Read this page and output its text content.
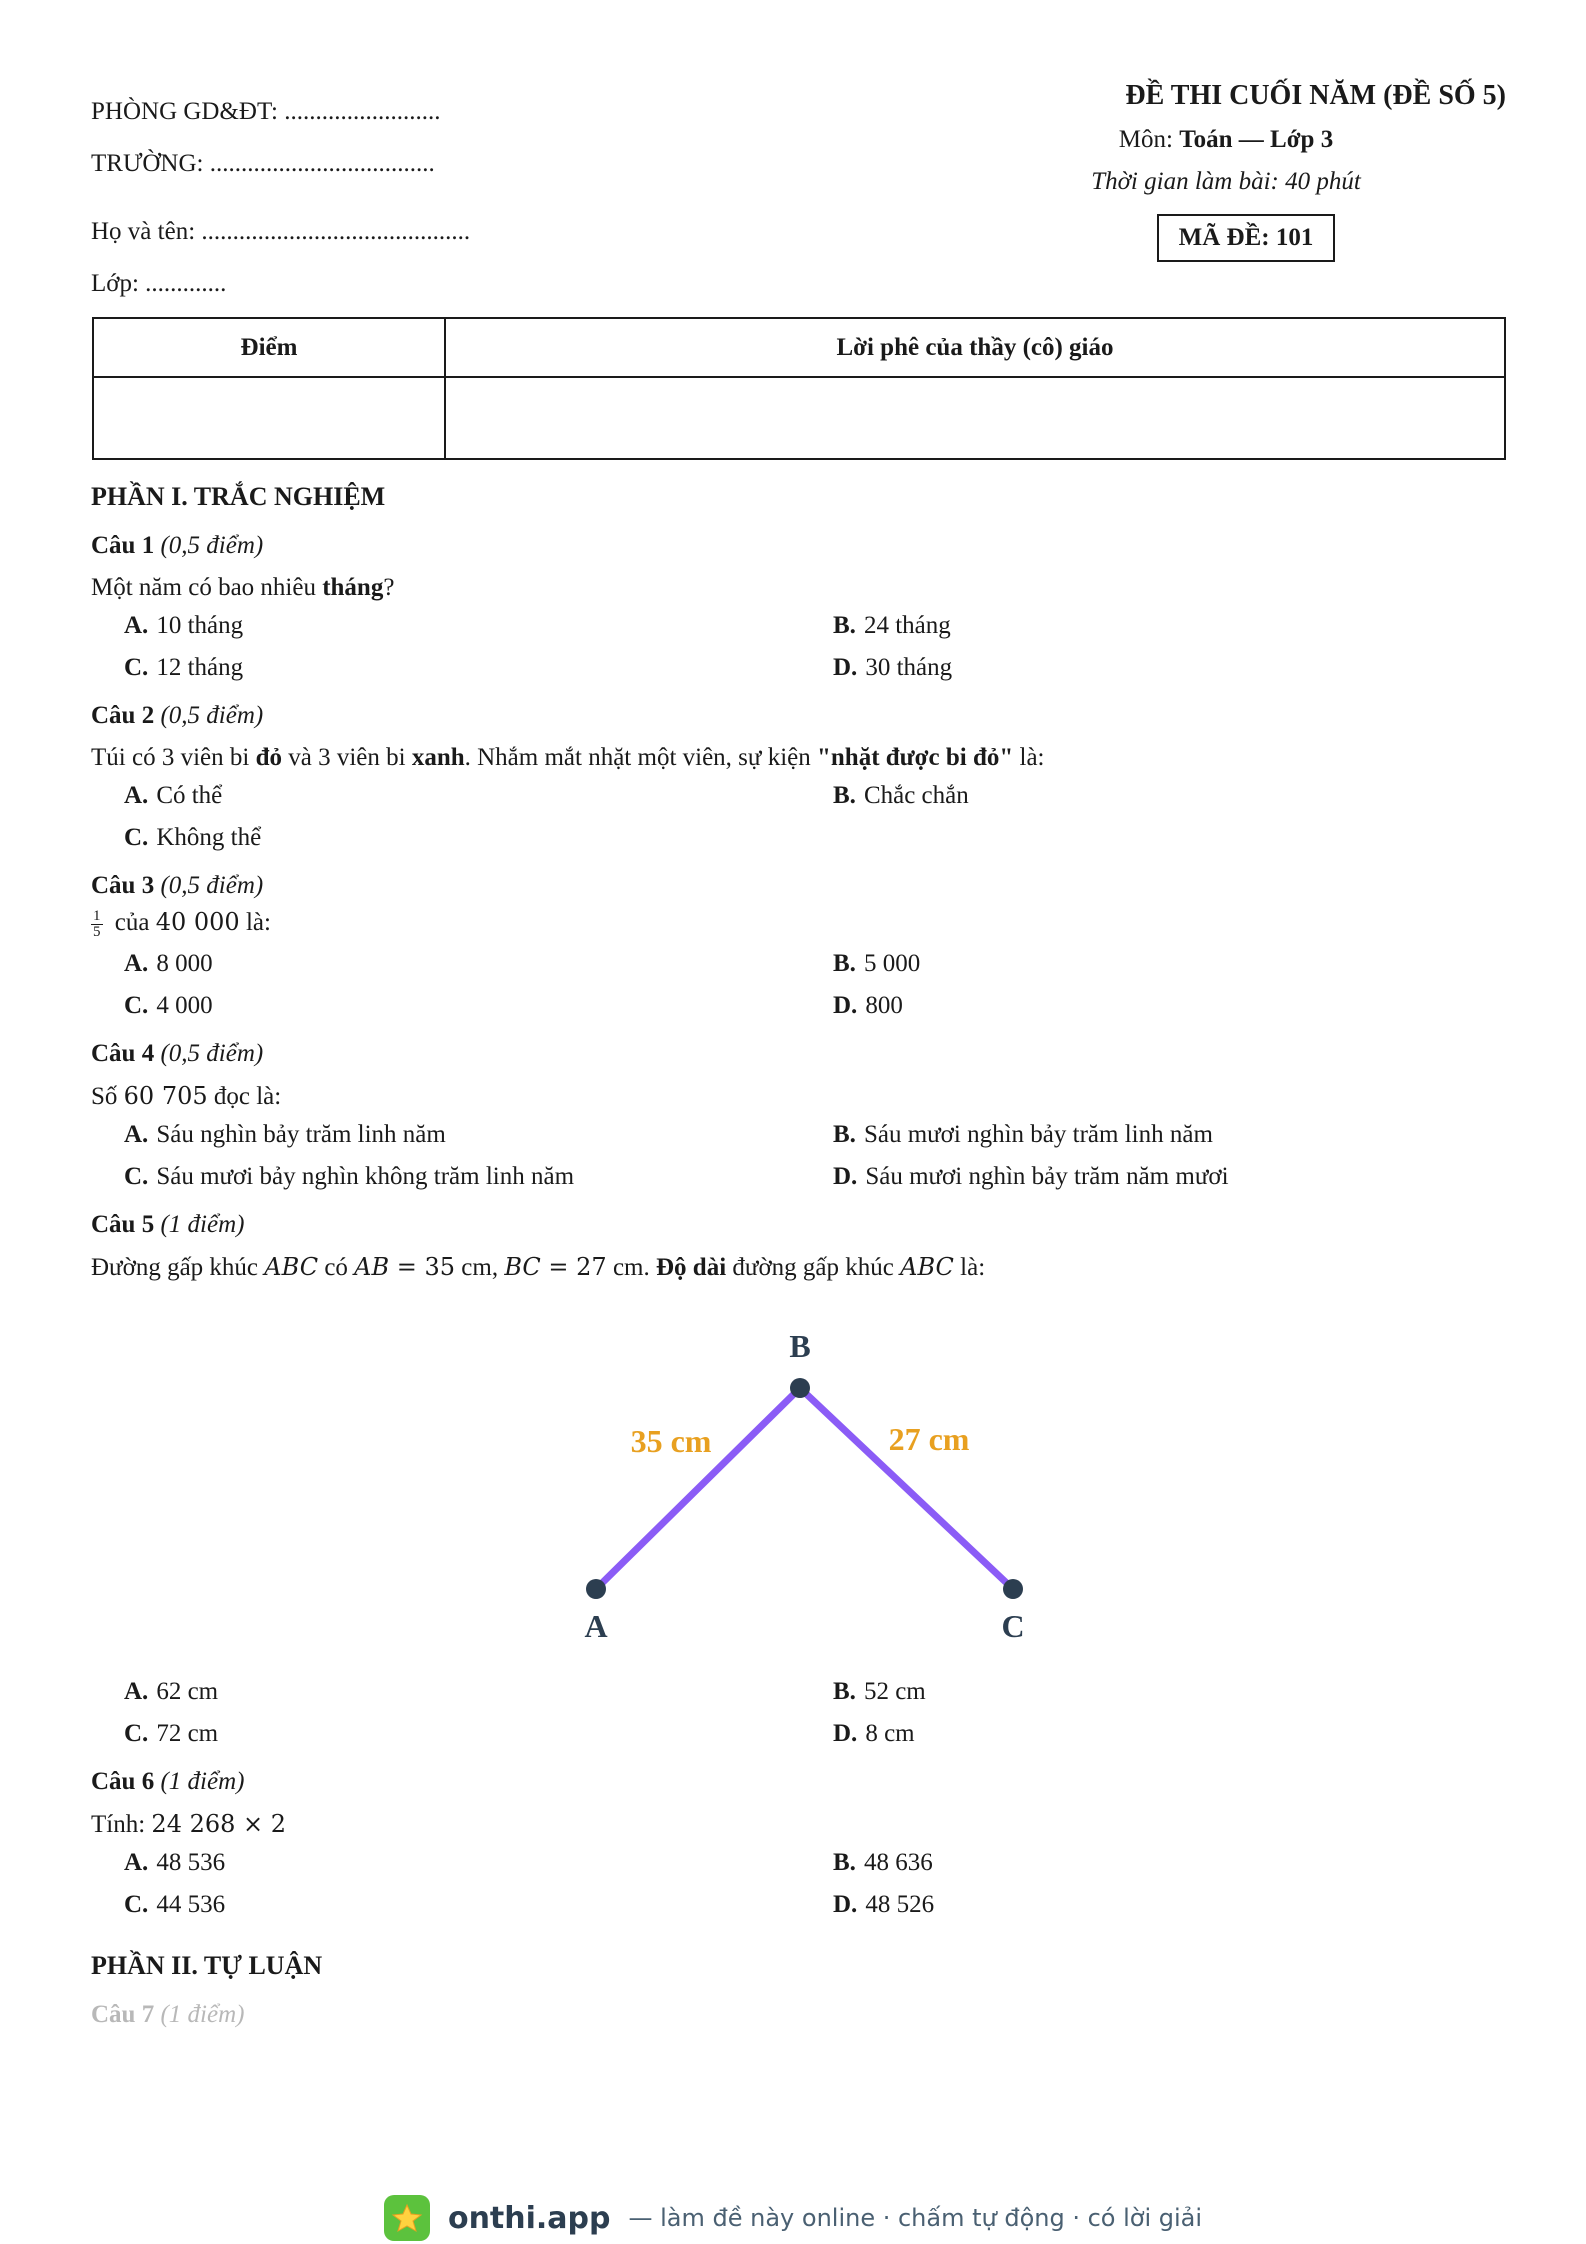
PHÒNG GD&ĐT: .........................
TRƯỜNG: ....................................
Họ và tên: ...........................................
Lớp: .............
ĐỀ THI CUỐI NĂM (ĐỀ SỐ 5)
Môn: Toán — Lớp 3
Thời gian làm bài: 40 phút
MÃ ĐỀ: 101
Điểm	Lời phê của thầy (cô) giáo

PHẦN I. TRẮC NGHIỆM
Câu 1 (0,5 điểm)
Một năm có bao nhiêu tháng?
A. 10 tháng	B. 24 tháng
C. 12 tháng	D. 30 tháng
Câu 2 (0,5 điểm)
Túi có 3 viên bi đỏ và 3 viên bi xanh. Nhắm mắt nhặt một viên, sự kiện "nhặt được bi đỏ" là:
A. Có thể	B. Chắc chắn
C. Không thể
Câu 3 (0,5 điểm)
$\frac{1}{5}$ của 40 000 là:
A. 8 000	B. 5 000
C. 4 000	D. 800
Câu 4 (0,5 điểm)
Số 60 705 đọc là:
A. Sáu nghìn bảy trăm linh năm	B. Sáu mươi nghìn bảy trăm linh năm
C. Sáu mươi bảy nghìn không trăm linh năm	D. Sáu mươi nghìn bảy trăm năm mươi
Câu 5 (1 điểm)
Đường gấp khúc ABC có AB = 35 cm, BC = 27 cm. Độ dài đường gấp khúc ABC là:
B
A	C
35 cm	27 cm
A. 62 cm	B. 52 cm
C. 72 cm	D. 8 cm
Câu 6 (1 điểm)
Tính: 24 268 × 2
A. 48 536	B. 48 636
C. 44 536	D. 48 526
PHẦN II. TỰ LUẬN
Câu 7 (1 điểm)
onthi.app — làm đề này online · chấm tự động · có lời giải
